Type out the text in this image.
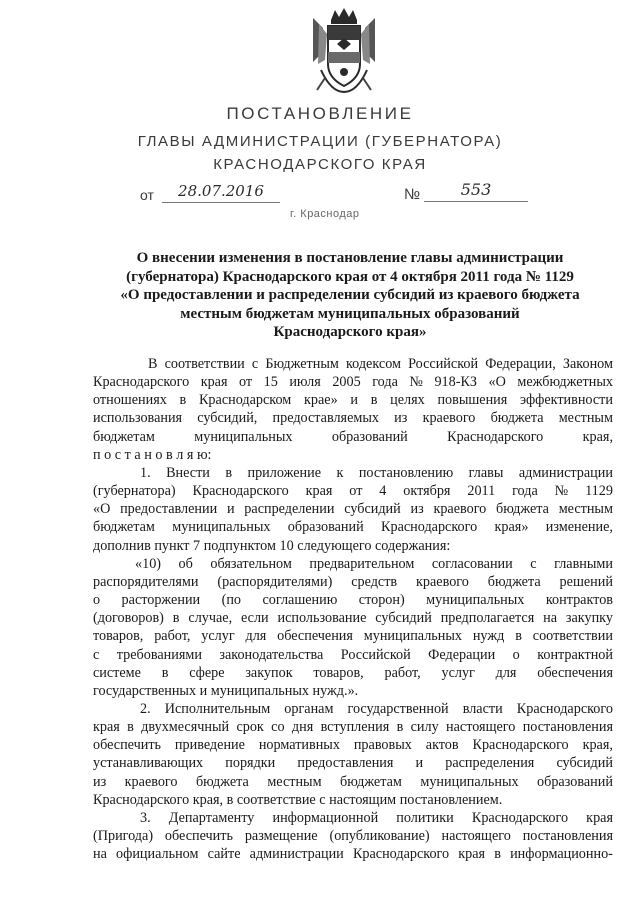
ПОСТАНОВЛЕНИЕ
ГЛАВЫ АДМИНИСТРАЦИИ (ГУБЕРНАТОРА)
КРАСНОДАРСКОГО КРАЯ
от	28.07.2016	№	553
г. Краснодар
О внесении изменения в постановление главы администрации
(губернатора) Краснодарского края от 4 октября 2011 года № 1129
«О предоставлении и распределении субсидий из краевого бюджета
местным бюджетам муниципальных образований
Краснодарского края»
В соответствии с Бюджетным кодексом Российской Федерации, Законом
Краснодарского края от 15 июля 2005 года № 918-КЗ «О межбюджетных
отношениях в Краснодарском крае» и в целях повышения эффективности
использования субсидий, предоставляемых из краевого бюджета местным
бюджетам	муниципальных	образований	Краснодарского	края,
п о с т а н о в л я ю:
1. Внести в приложение к постановлению главы администрации
(губернатора) Краснодарского края от 4 октября 2011 года № 1129
«О предоставлении и распределении субсидий из краевого бюджета местным
бюджетам муниципальных образований Краснодарского края» изменение,
дополнив пункт 7 подпунктом 10 следующего содержания:
«10) об обязательном предварительном согласовании с главными
распорядителями (распорядителями) средств краевого бюджета решений
о расторжении (по соглашению сторон) муниципальных контрактов
(договоров) в случае, если использование субсидий предполагается на закупку
товаров, работ, услуг для обеспечения муниципальных нужд в соответствии
с требованиями законодательства Российской Федерации о контрактной
системе в сфере закупок товаров, работ, услуг для обеспечения
государственных и муниципальных нужд.».
2. Исполнительным органам государственной власти Краснодарского
края в двухмесячный срок со дня вступления в силу настоящего постановления
обеспечить приведение нормативных правовых актов Краснодарского края,
устанавливающих порядки предоставления и распределения субсидий
из краевого бюджета местным бюджетам муниципальных образований
Краснодарского края, в соответствие с настоящим постановлением.
3. Департаменту информационной политики Краснодарского края
(Пригода) обеспечить размещение (опубликование) настоящего постановления
на официальном сайте администрации Краснодарского края в информационно-
